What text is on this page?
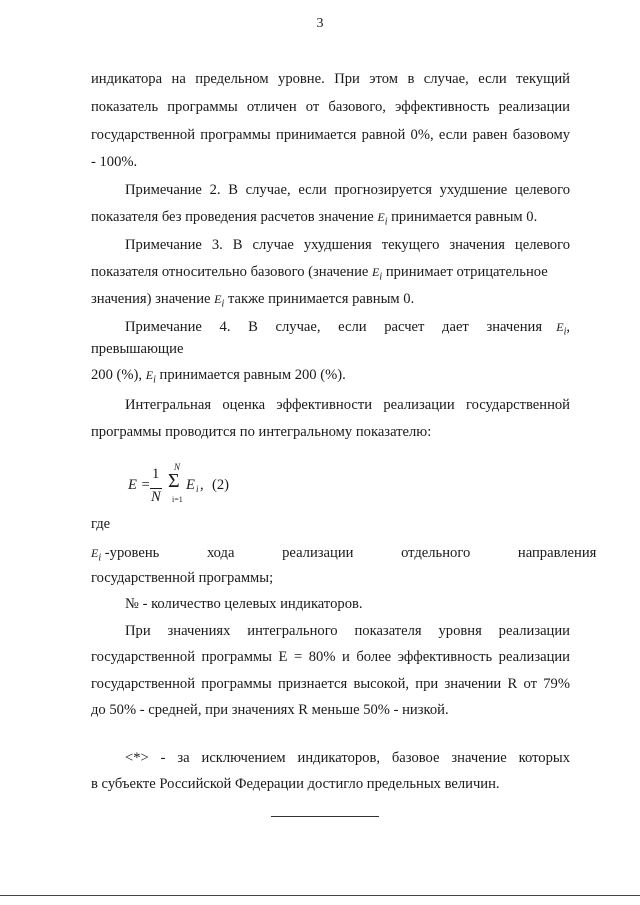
3
индикатора на предельном уровне. При этом в случае, если текущий
показатель программы отличен от базового, эффективность реализации
государственной программы принимается равной 0%, если равен базовому
- 100%.
Примечание 2. В случае, если прогнозируется ухудшение целевого
показателя без проведения расчетов значение $E_i$ принимается равным 0.
Примечание 3. В случае ухудшения текущего значения целевого
показателя относительно базового (значение $E_i$ принимает отрицательное
значения) значение $E_i$ также принимается равным 0.
Примечание 4. В случае, если расчет дает значения $E_i$,
превышающие
200 (%), $E_i$ принимается равным 200 (%).
Интегральная оценка эффективности реализации государственной
программы проводится по интегральному показателю:
E =
1
N
N
Σ
i=1
E i , (2)
где
$E_i$ - уровень хода реализации отдельного направления
государственной программы;
№ - количество целевых индикаторов.
При значениях интегрального показателя уровня реализации
государственной программы E = 80% и более эффективность реализации
государственной программы признается высокой, при значении R от 79%
до 50% - средней, при значениях R меньше 50% - низкой.
<*> - за исключением индикаторов, базовое значение которых
в субъекте Российской Федерации достигло предельных величин.
